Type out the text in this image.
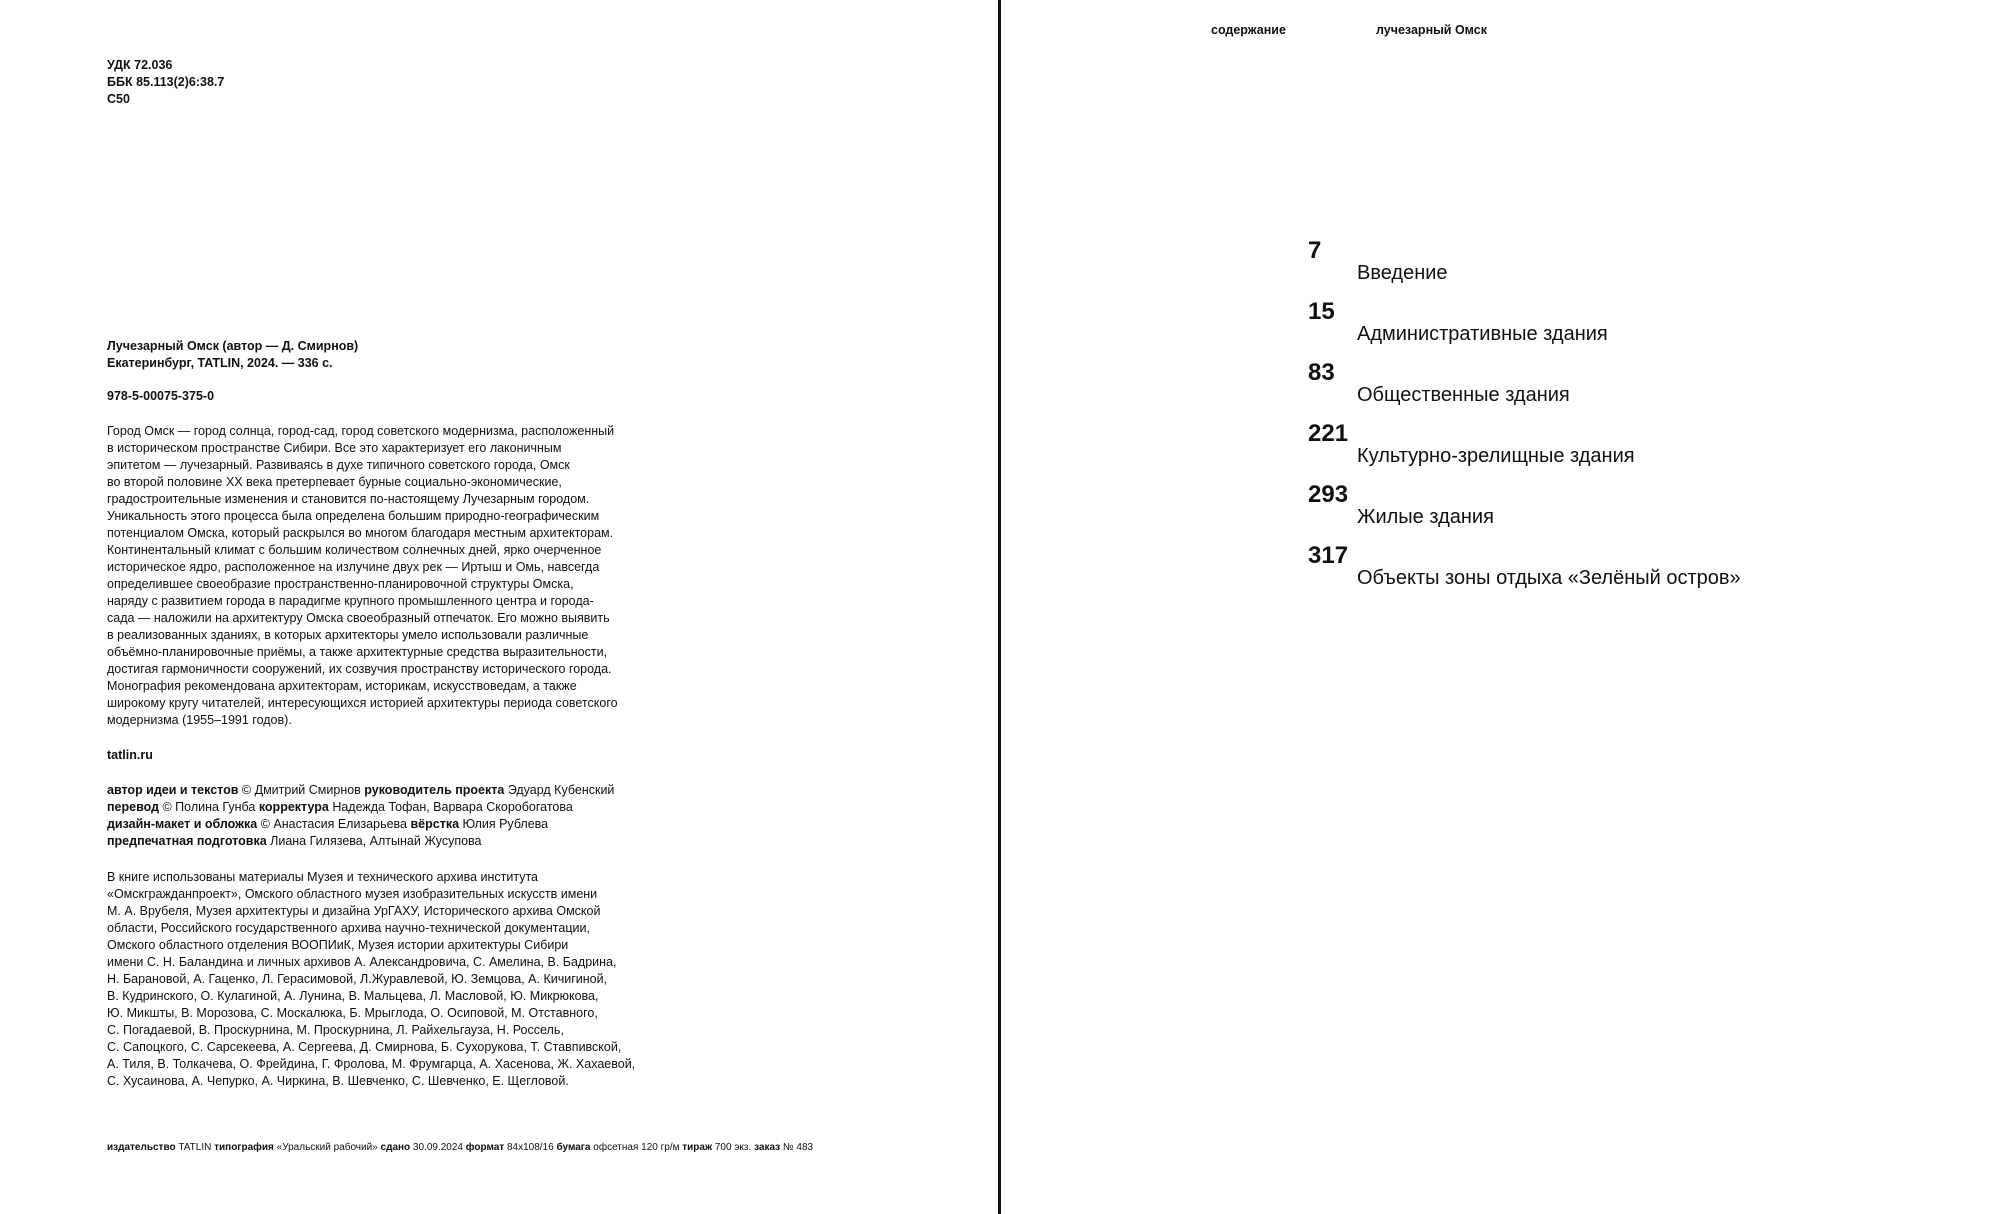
УДК 72.036
ББК 85.113(2)6:38.7
С50
Лучезарный Омск (автор — Д. Смирнов)
Екатеринбург, TATLIN, 2024. — 336 с.
978-5-00075-375-0
Город Омск — город солнца, город-сад, город советского модернизма, расположенный
в историческом пространстве Сибири. Все это характеризует его лаконичным
эпитетом — лучезарный. Развиваясь в духе типичного советского города, Омск
во второй половине XX века претерпевает бурные социально-экономические,
градостроительные изменения и становится по-настоящему Лучезарным городом.
Уникальность этого процесса была определена большим природно-географическим
потенциалом Омска, который раскрылся во многом благодаря местным архитекторам.
Континентальный климат с большим количеством солнечных дней, ярко очерченное
историческое ядро, расположенное на излучине двух рек — Иртыш и Омь, навсегда
определившее своеобразие пространственно-планировочной структуры Омска,
наряду с развитием города в парадигме крупного промышленного центра и города-
сада — наложили на архитектуру Омска своеобразный отпечаток. Его можно выявить
в реализованных зданиях, в которых архитекторы умело использовали различные
объёмно-планировочные приёмы, а также архитектурные средства выразительности,
достигая гармоничности сооружений, их созвучия пространству исторического города.
Монография рекомендована архитекторам, историкам, искусствоведам, а также
широкому кругу читателей, интересующихся историей архитектуры периода советского
модернизма (1955–1991 годов).
tatlin.ru
автор идеи и текстов © Дмитрий Смирнов руководитель проекта Эдуард Кубенский
перевод © Полина Гунба корректура Надежда Тофан, Варвара Скоробогатова
дизайн-макет и обложка © Анастасия Елизарьева вёрстка Юлия Рублева
предпечатная подготовка Лиана Гилязева, Алтынай Жусупова
В книге использованы материалы Музея и технического архива института
«Омскгражданпроект», Омского областного музея изобразительных искусств имени
М. А. Врубеля, Музея архитектуры и дизайна УрГАХУ, Исторического архива Омской
области, Российского государственного архива научно-технической документации,
Омского областного отделения ВООПИиК, Музея истории архитектуры Сибири
имени С. Н. Баландина и личных архивов А. Александровича, С. Амелина, В. Бадрина,
Н. Барановой, А. Гаценко, Л. Герасимовой, Л.Журавлевой, Ю. Земцова, А. Кичигиной,
В. Кудринского, О. Кулагиной, А. Лунина, В. Мальцева, Л. Масловой, Ю. Микрюкова,
Ю. Микшты, В. Морозова, С. Москалюка, Б. Мрыглода, О. Осиповой, М. Отставного,
С. Погадаевой, В. Проскурнина, М. Проскурнина, Л. Райхельгауза, Н. Россель,
С. Сапоцкого, С. Сарсекеева, А. Сергеева, Д. Смирнова, Б. Сухорукова, Т. Ставпивской,
А. Тиля, В. Толкачева, О. Фрейдина, Г. Фролова, М. Фрумгарца, А. Хасенова, Ж. Хахаевой,
С. Хусаинова, А. Чепурко, А. Чиркина, В. Шевченко, С. Шевченко, Е. Щегловой.
издательство TATLIN типография «Уральский рабочий» сдано 30.09.2024 формат 84х108/16 бумага офсетная 120 гр/м тираж 700 экз. заказ № 483
содержание	лучезарный Омск
7
Введение
15
Административные здания
83
Общественные здания
221
Культурно-зрелищные здания
293
Жилые здания
317
Объекты зоны отдыха «Зелёный остров»
